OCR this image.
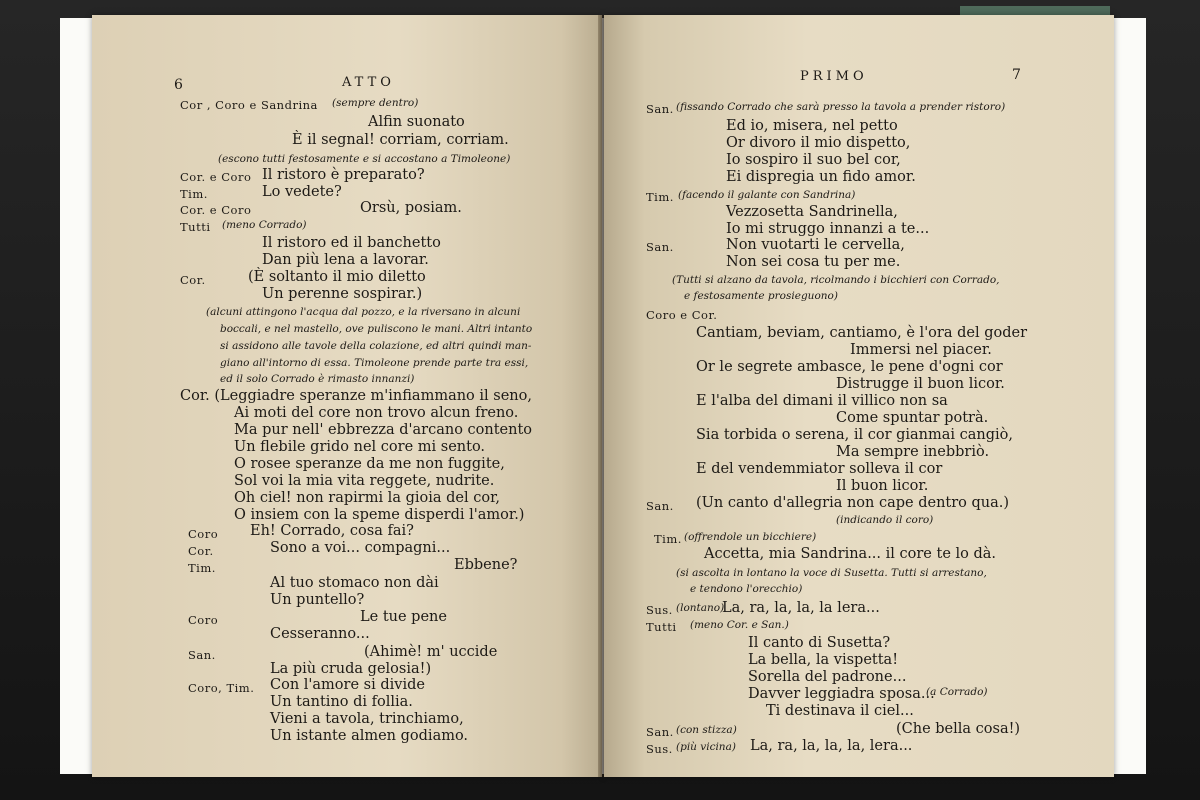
6	ATTO
Cor , Coro e Sandrina (sempre dentro)
Alfin suonato
È il segnal! corriam, corriam.
(escono tutti festosamente e si accostano a Timoleone)
Cor. e Coro Il ristoro è preparato?
Tim.	Lo vedete?
Cor. e Coro	Orsù, posiam.
Tutti (meno Corrado)
Il ristoro ed il banchetto
Dan più lena a lavorar.
Cor.	(È soltanto il mio diletto
Un perenne sospirar.)
(alcuni attingono l'acqua dal pozzo, e la riversano in alcuni
boccali, e nel mastello, ove puliscono le mani. Altri intanto
si assidono alle tavole della colazione, ed altri quindi man-
giano all'intorno di essa. Timoleone prende parte tra essi,
ed il solo Corrado è rimasto innanzi)
Cor. (Leggiadre speranze m'infiammano il seno,
Ai moti del core non trovo alcun freno.
Ma pur nell' ebbrezza d'arcano contento
Un flebile grido nel core mi sento.
O rosee speranze da me non fuggite,
Sol voi la mia vita reggete, nudrite.
Oh ciel! non rapirmi la gioia del cor,
O insiem con la speme disperdi l'amor.)
Coro Eh! Corrado, cosa fai?
Cor.	Sono a voi... compagni...
Tim.	Ebbene?
Al tuo stomaco non dài
Un puntello?
Coro	Le tue pene
Cesseranno...
San.	(Ahimè! m' uccide
La più cruda gelosia!)
Coro, Tim. Con l'amore si divide
Un tantino di follia.
Vieni a tavola, trinchiamo,
Un istante almen godiamo.
PRIMO	7
San. (fissando Corrado che sarà presso la tavola a prender ristoro)
Ed io, misera, nel petto
Or divoro il mio dispetto,
Io sospiro il suo bel cor,
Ei dispregia un fido amor.
Tim. (facendo il galante con Sandrina)
Vezzosetta Sandrinella,
Io mi struggo innanzi a te...
San.	Non vuotarti le cervella,
Non sei cosa tu per me.
(Tutti si alzano da tavola, ricolmando i bicchieri con Corrado,
e festosamente prosieguono)
Coro e Cor.
Cantiam, beviam, cantiamo, è l'ora del goder
Immersi nel piacer.
Or le segrete ambasce, le pene d'ogni cor
Distrugge il buon licor.
E l'alba del dimani il villico non sa
Come spuntar potrà.
Sia torbida o serena, il cor gianmai cangiò,
Ma sempre inebbriò.
E del vendemmiator solleva il cor
Il buon licor.
San. (Un canto d'allegria non cape dentro qua.)
(indicando il coro)
Tim. (offrendole un bicchiere)
Accetta, mia Sandrina... il core te lo dà.
(si ascolta in lontano la voce di Susetta. Tutti si arrestano,
e tendono l'orecchio)
Sus. (lontano)
La, ra, la, la, la lera...
Tutti (meno Cor. e San.)
Il canto di Susetta?
La bella, la vispetta!
Sorella del padrone...
Davver leggiadra sposa...
(a Corrado)
Ti destinava il ciel...
San. (con stizza)	(Che bella cosa!)
Sus. (più vicina) La, ra, la, la, la, lera...
